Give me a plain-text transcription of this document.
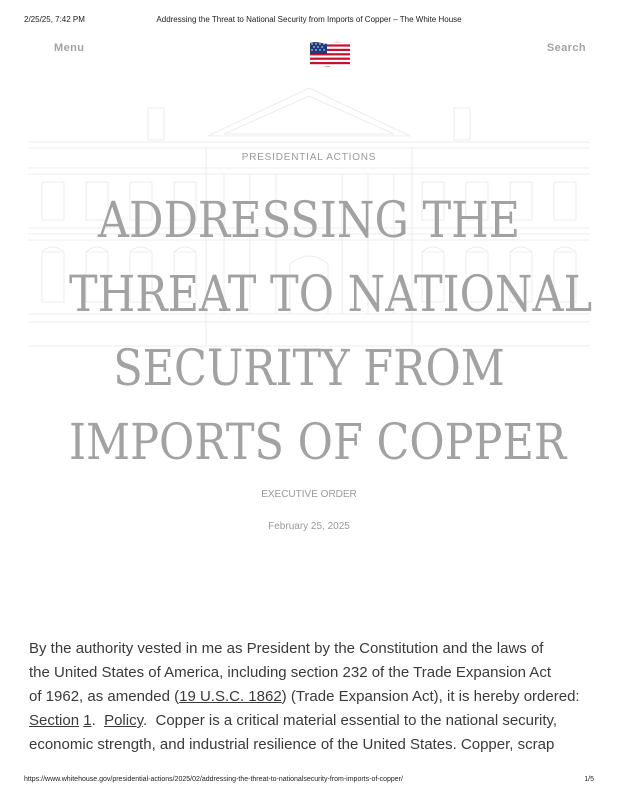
2/25/25, 7:42 PM	Addressing the Threat to National Security from Imports of Copper – The White House
Menu	Search
PRESIDENTIAL ACTIONS
ADDRESSING THE
THREAT TO NATIONAL
SECURITY FROM
IMPORTS OF COPPER
EXECUTIVE ORDER
February 25, 2025
By the authority vested in me as President by the Constitution and the laws of
the United States of America, including section 232 of the Trade Expansion Act
of 1962, as amended (19 U.S.C. 1862) (Trade Expansion Act), it is hereby ordered:
Section 1.  Policy.  Copper is a critical material essential to the national security,
economic strength, and industrial resilience of the United States. Copper, scrap
https://www.whitehouse.gov/presidential-actions/2025/02/addressing-the-threat-to-nationalsecurity-from-imports-of-copper/	1/5
